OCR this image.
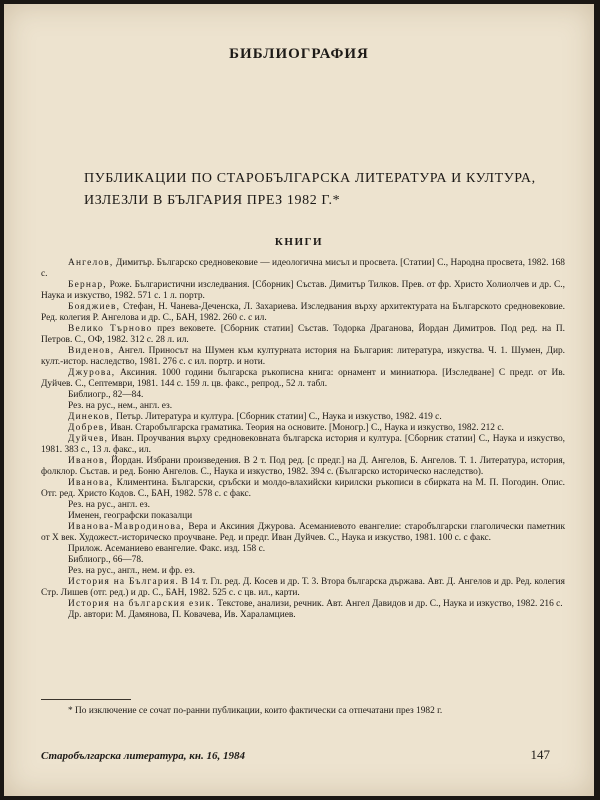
БИБЛИОГРАФИЯ
ПУБЛИКАЦИИ ПО СТАРОБЪЛГАРСКА ЛИТЕРАТУРА И КУЛТУРА, ИЗЛЕЗЛИ В БЪЛГАРИЯ ПРЕЗ 1982 Г.*
КНИГИ

Ангелов, Димитър. Българско средновековие — идеологична мисъл и просвета. [Статии] С., Народна просвета, 1982. 168 с.

Бернар, Роже. Българистични изследвания. [Сборник] Състав. Димитър Тилков. Прев. от фр. Христо Холиолчев и др. С., Наука и изкуство, 1982. 571 с. 1 л. портр.

Бояджиев, Стефан, Н. Чанева-Деченска, Л. Захариева. Изследвания върху архитектурата на Българското средновековие. Ред. колегия Р. Ангелова и др. С., БАН, 1982. 260 с. с ил.

Велико Търново през вековете. [Сборник статии] Състав. Тодорка Драганова, Йордан Димитров. Под ред. на П. Петров. С., ОФ, 1982. 312 с. 28 л. ил.

Виденов, Ангел. Приносът на Шумен към културната история на България: литература, изкуства. Ч. 1. Шумен, Дир. култ.-истор. наследство, 1981. 276 с. с ил. портр. и ноти.

Джурова, Аксиния. 1000 години българска ръкописна книга: орнамент и миниатюра. [Изследване] С предг. от Ив. Дуйчев. С., Септември, 1981. 144 с. 159 л. цв. факс., репрод., 52 л. табл.

Библиогр., 82—84.

Рез. на рус., нем., англ. ез.

Динеков, Петър. Литература и култура. [Сборник статии] С., Наука и изкуство, 1982. 419 с.

Добрев, Иван. Старобългарска граматика. Теория на основите. [Моногр.] С., Наука и изкуство, 1982. 212 с.

Дуйчев, Иван. Проучвания върху средновековната българска история и култура. [Сборник статии] С., Наука и изкуство, 1981. 383 с., 13 л. факс., ил.

Иванов, Йордан. Избрани произведения. В 2 т. Под ред. [с предг.] на Д. Ангелов, Б. Ангелов. Т. 1. Литература, история, фолклор. Състав. и ред. Боню Ангелов. С., Наука и изкуство, 1982. 394 с. (Българско историческо наследство).

Иванова, Климентина. Български, сръбски и молдо-влахийски кирилски ръкописи в сбирката на М. П. Погодин. Опис. Отг. ред. Христо Кодов. С., БАН, 1982. 578 с. с факс.

Рез. на рус., англ. ез.

Именен, географски показалци

Иванова-Мавродинова, Вера и Аксиния Джурова. Асеманиевото евангелие: старобългарски глаголически паметник от X век. Художест.-историческо проучване. Ред. и предг. Иван Дуйчев. С., Наука и изкуство, 1981. 100 с. с факс.

Прилож. Асеманиево евангелие. Факс. изд. 158 с.

Библиогр., 66—78.

Рез. на рус., англ., нем. и фр. ез.

История на България. В 14 т. Гл. ред. Д. Косев и др. Т. 3. Втора българска държава. Авт. Д. Ангелов и др. Ред. колегия Стр. Лишев (отг. ред.) и др. С., БАН, 1982. 525 с. с цв. ил., карти.

История на българския език. Текстове, анализи, речник. Авт. Ангел Давидов и др. С., Наука и изкуство, 1982. 216 с.

Др. автори: М. Дамянова, П. Ковачева, Ив. Хараламциев.

* По изключение се сочат по-ранни публикации, които фактически са отпечатани през 1982 г.
Старобългарска литература, кн. 16, 1984	147
